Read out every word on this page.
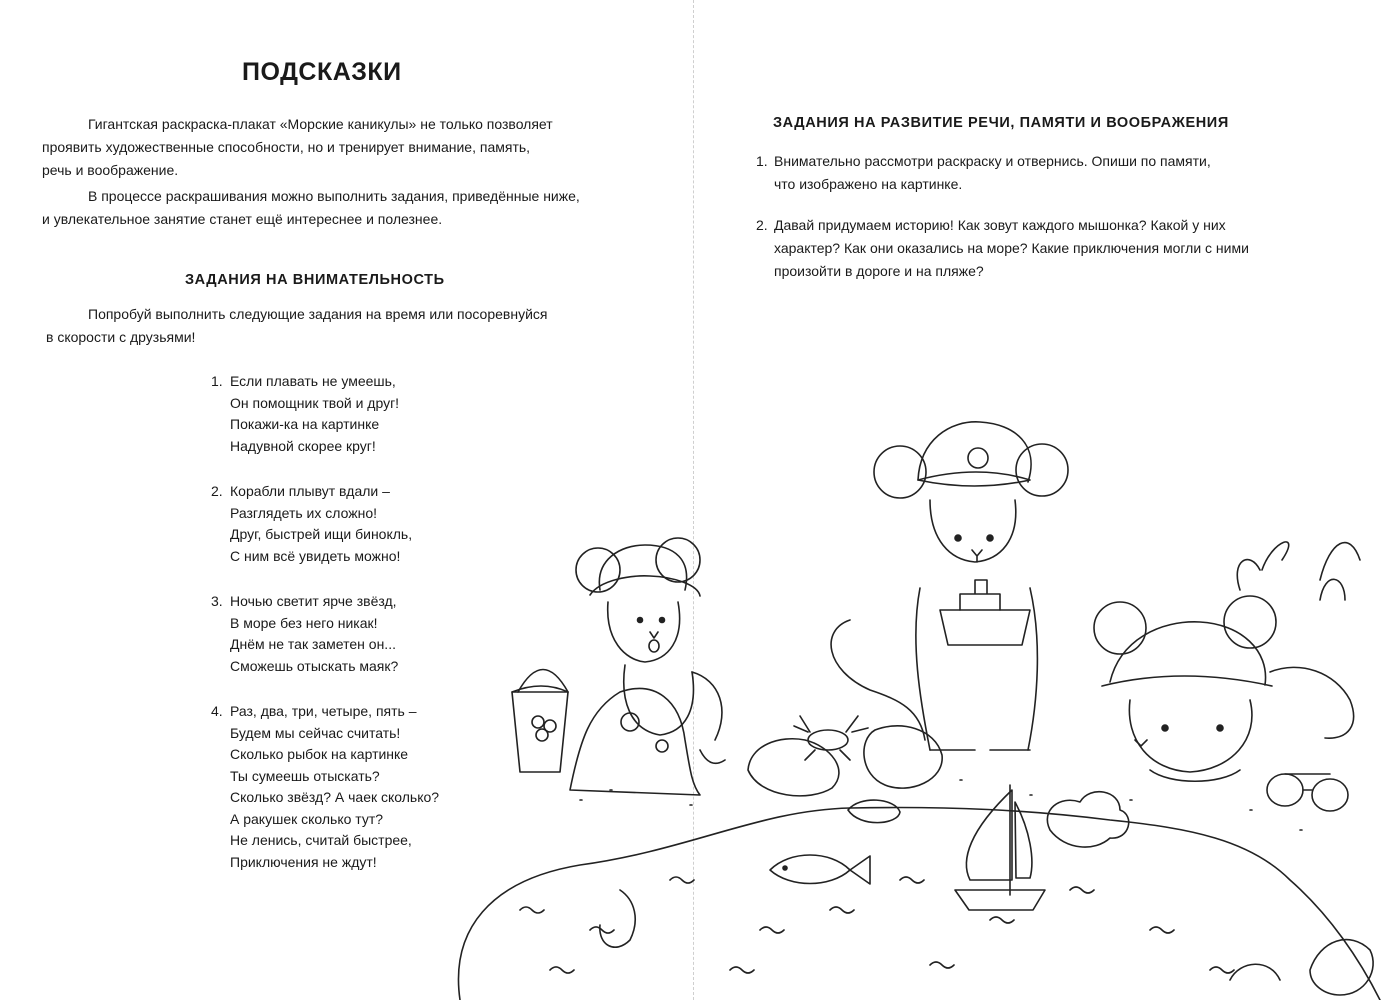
ПОДСКАЗКИ

Гигантская раскраска-плакат «Морские каникулы» не только позволяет
проявить художественные способности, но и тренирует внимание, память,
речь и воображение.

В процессе раскрашивания можно выполнить задания, приведённые ниже,
и увлекательное занятие станет ещё интереснее и полезнее.

ЗАДАНИЯ НА ВНИМАТЕЛЬНОСТЬ

Попробуй выполнить следующие задания на время или посоревнуйся
в скорости с друзьями!

1. Если плавать не умеешь,
Он помощник твой и друг!
Покажи-ка на картинке
Надувной скорее круг!
2. Корабли плывут вдали –
Разглядеть их сложно!
Друг, быстрей ищи бинокль,
С ним всё увидеть можно!
3. Ночью светит ярче звёзд,
В море без него никак!
Днём не так заметен он...
Сможешь отыскать маяк?
4. Раз, два, три, четыре, пять –
Будем мы сейчас считать!
Сколько рыбок на картинке
Ты сумеешь отыскать?
Сколько звёзд? А чаек сколько?
А ракушек сколько тут?
Не ленись, считай быстрее,
Приключения не ждут!
ЗАДАНИЯ НА РАЗВИТИЕ РЕЧИ, ПАМЯТИ И ВООБРАЖЕНИЯ
1. Внимательно рассмотри раскраску и отвернись. Опиши по памяти,
что изображено на картинке.
2. Давай придумаем историю! Как зовут каждого мышонка? Какой у них
характер? Как они оказались на море? Какие приключения могли с ними
произойти в дороге и на пляже?
